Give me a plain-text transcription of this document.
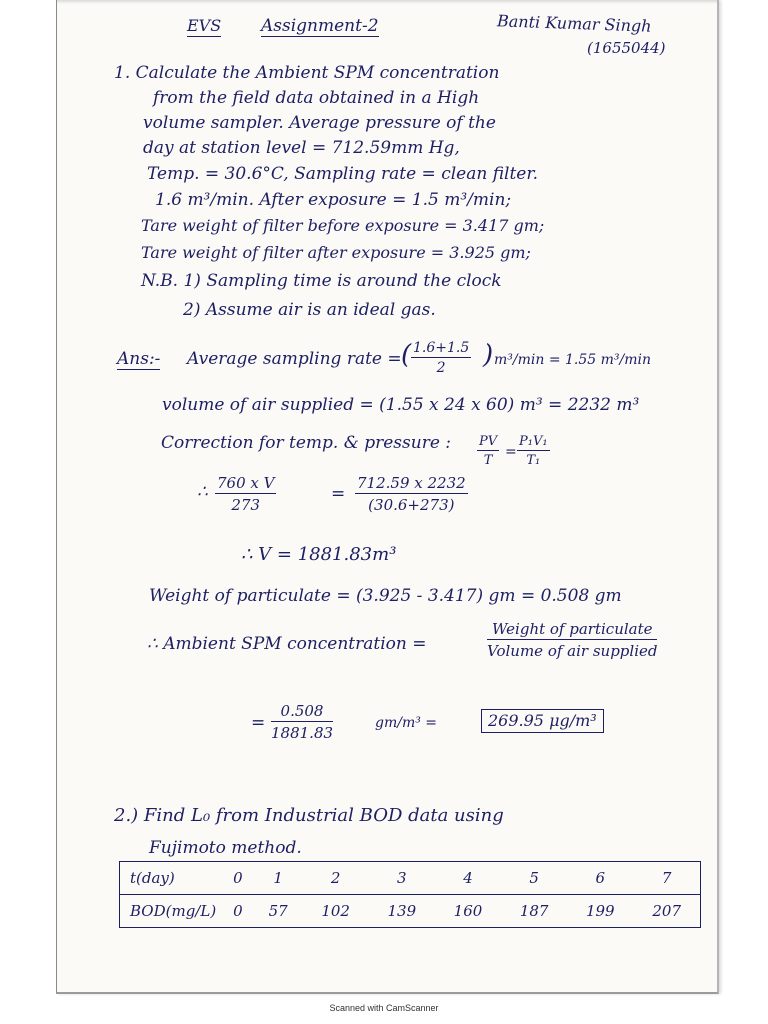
EVS Assignment-2	Banti Kumar Singh
(1655044)
1. Calculate the Ambient SPM concentration
from the field data obtained in a High
volume sampler. Average pressure of the
day at station level = 712.59mm Hg,
Temp. = 30.6°C, Sampling rate = clean filter.
1.6 m³/min. After exposure = 1.5 m³/min;
Tare weight of filter before exposure = 3.417 gm;
Tare weight of filter after exposure = 3.925 gm;
N.B. 1) Sampling time is around the clock
2) Assume air is an ideal gas.
Ans:- Average sampling rate = ( $\frac{1.6+1.5}{2}$ ) m³/min = 1.55 m³/min
volume of air supplied = (1.55 x 24 x 60) m³ = 2232 m³
Correction for temp. & pressure : $\frac{PV}{T} = \frac{\text{P₁V₁}}{\text{T₁}}$
∴ $\frac{\text{760 x V}}{273}$	= $\frac{712.59 x 2232}{(30.6+273)}$
∴ V = 1881.83m³
Weight of particulate = (3.925 - 3.417) gm = 0.508 gm
∴ Ambient SPM concentration =
Weight of particulate
Volume of air supplied
= $\frac{0.508}{1881.83}$	gm/m³ =	269.95 μg/m³
2.) Find L₀ from Industrial BOD data using
Fujimoto method.
t(day)	0	1	2	3	4	5	6	7
BOD(mg/L)	0	57	102	139	160	187	199	207
Scanned with CamScanner
